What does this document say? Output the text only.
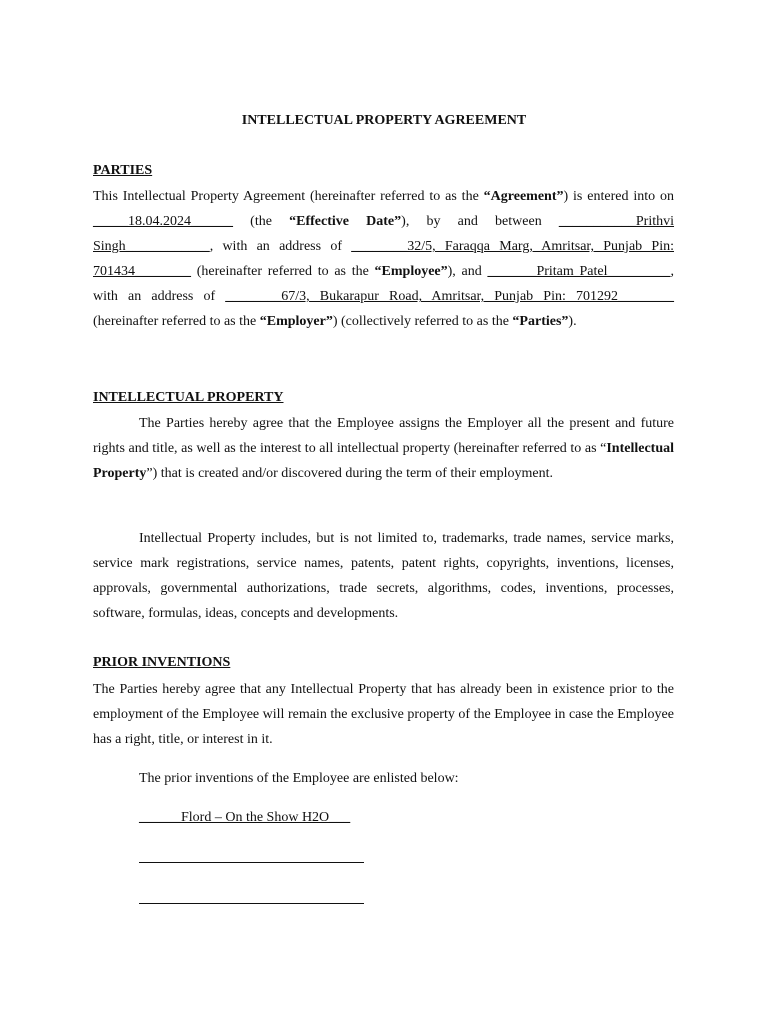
INTELLECTUAL PROPERTY AGREEMENT
PARTIES

This Intellectual Property Agreement (hereinafter referred to as the “Agreement”) is entered into on _____18.04.2024______ (the “Effective Date”), by and between ___________Prithvi Singh____________, with an address of ________32/5, Faraqqa Marg, Amritsar, Punjab Pin: 701434________ (hereinafter referred to as the “Employee”), and _______Pritam Patel_________, with an address of ________67/3, Bukarapur Road, Amritsar, Punjab Pin: 701292________ (hereinafter referred to as the “Employer”) (collectively referred to as the “Parties”).

INTELLECTUAL PROPERTY

The Parties hereby agree that the Employee assigns the Employer all the present and future rights and title, as well as the interest to all intellectual property (hereinafter referred to as “Intellectual Property”) that is created and/or discovered during the term of their employment.

Intellectual Property includes, but is not limited to, trademarks, trade names, service marks, service mark registrations, service names, patents, patent rights, copyrights, inventions, licenses, approvals, governmental authorizations, trade secrets, algorithms, codes, inventions, processes, software, formulas, ideas, concepts and developments.

PRIOR INVENTIONS

The Parties hereby agree that any Intellectual Property that has already been in existence prior to the employment of the Employee will remain the exclusive property of the Employee in case the Employee has a right, title, or interest in it.

The prior inventions of the Employee are enlisted below:

______Flord – On the Show H2O___
